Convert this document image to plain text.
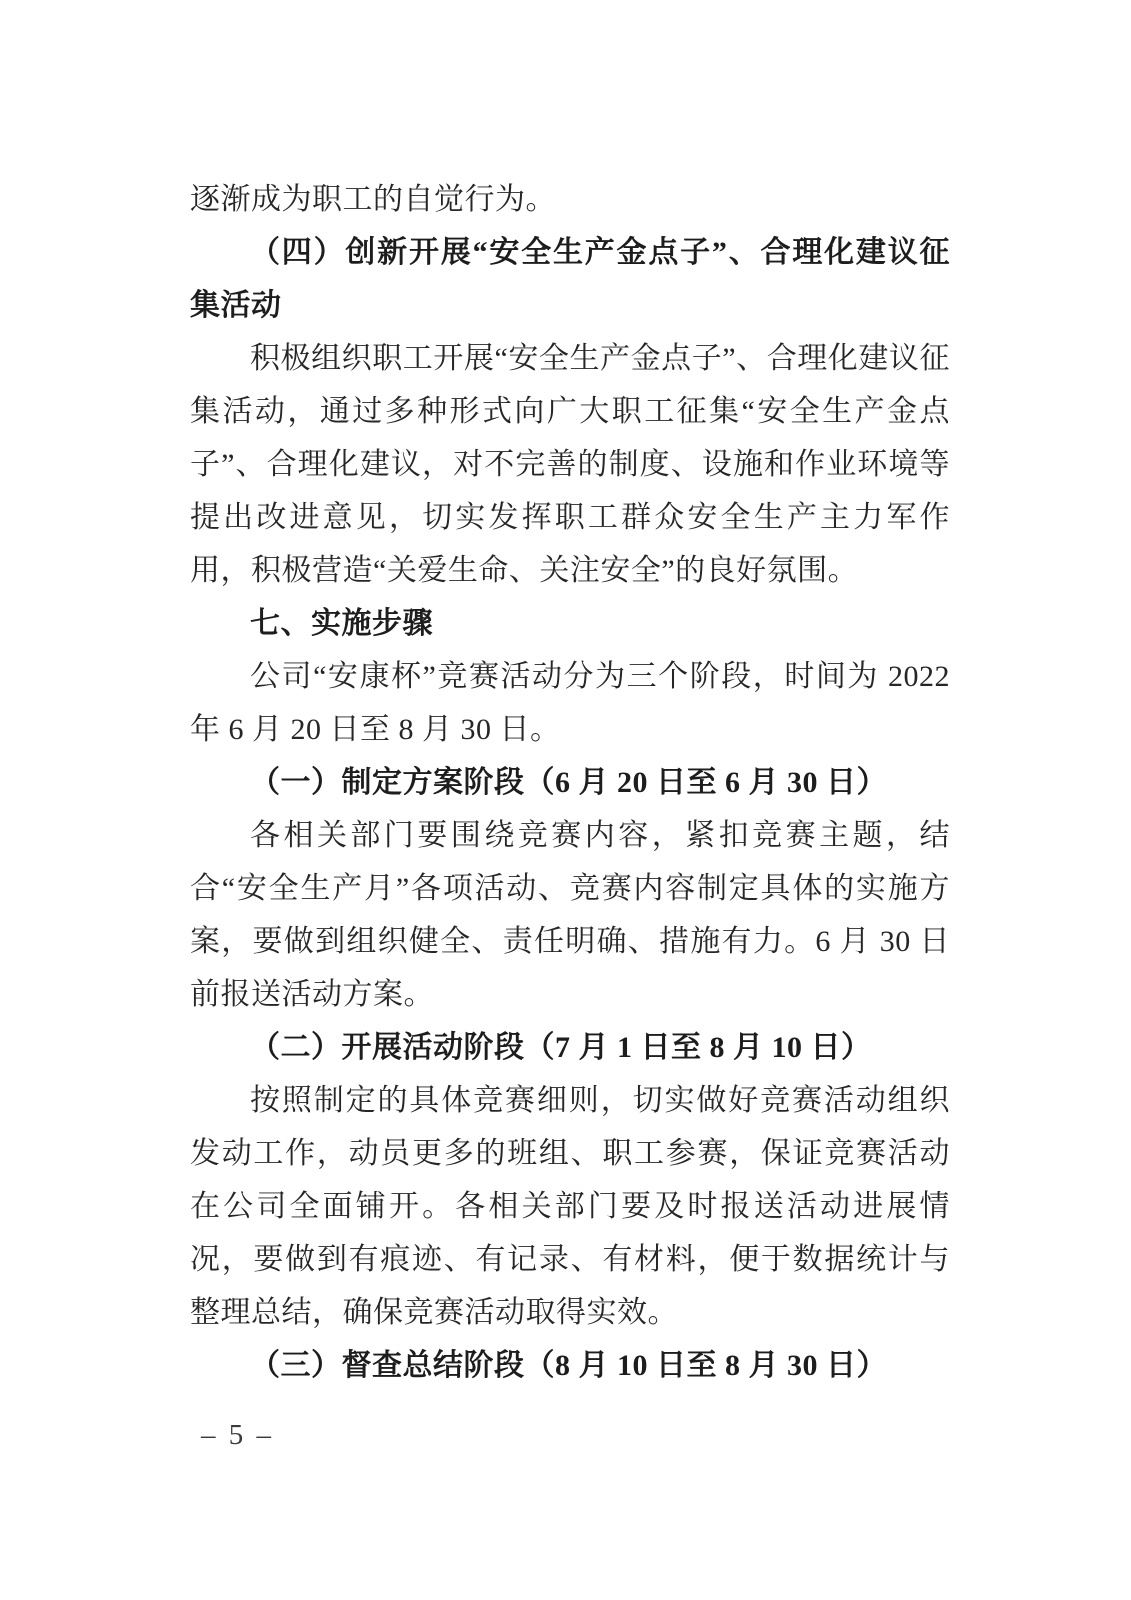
逐渐成为职工的自觉行为。

（四）创新开展“安全生产金点子”、合理化建议征集活动

积极组织职工开展“安全生产金点子”、合理化建议征集活动，通过多种形式向广大职工征集“安全生产金点子”、合理化建议，对不完善的制度、设施和作业环境等提出改进意见，切实发挥职工群众安全生产主力军作用，积极营造“关爱生命、关注安全”的良好氛围。

七、实施步骤

公司“安康杯”竞赛活动分为三个阶段，时间为 2022 年 6 月 20 日至 8 月 30 日。

（一）制定方案阶段（6 月 20 日至 6 月 30 日）

各相关部门要围绕竞赛内容，紧扣竞赛主题，结合“安全生产月”各项活动、竞赛内容制定具体的实施方案，要做到组织健全、责任明确、措施有力。6 月 30 日前报送活动方案。

（二）开展活动阶段（7 月 1 日至 8 月 10 日）

按照制定的具体竞赛细则，切实做好竞赛活动组织发动工作，动员更多的班组、职工参赛，保证竞赛活动在公司全面铺开。各相关部门要及时报送活动进展情况，要做到有痕迹、有记录、有材料，便于数据统计与整理总结，确保竞赛活动取得实效。

（三）督查总结阶段（8 月 10 日至 8 月 30 日）

– 5 –
